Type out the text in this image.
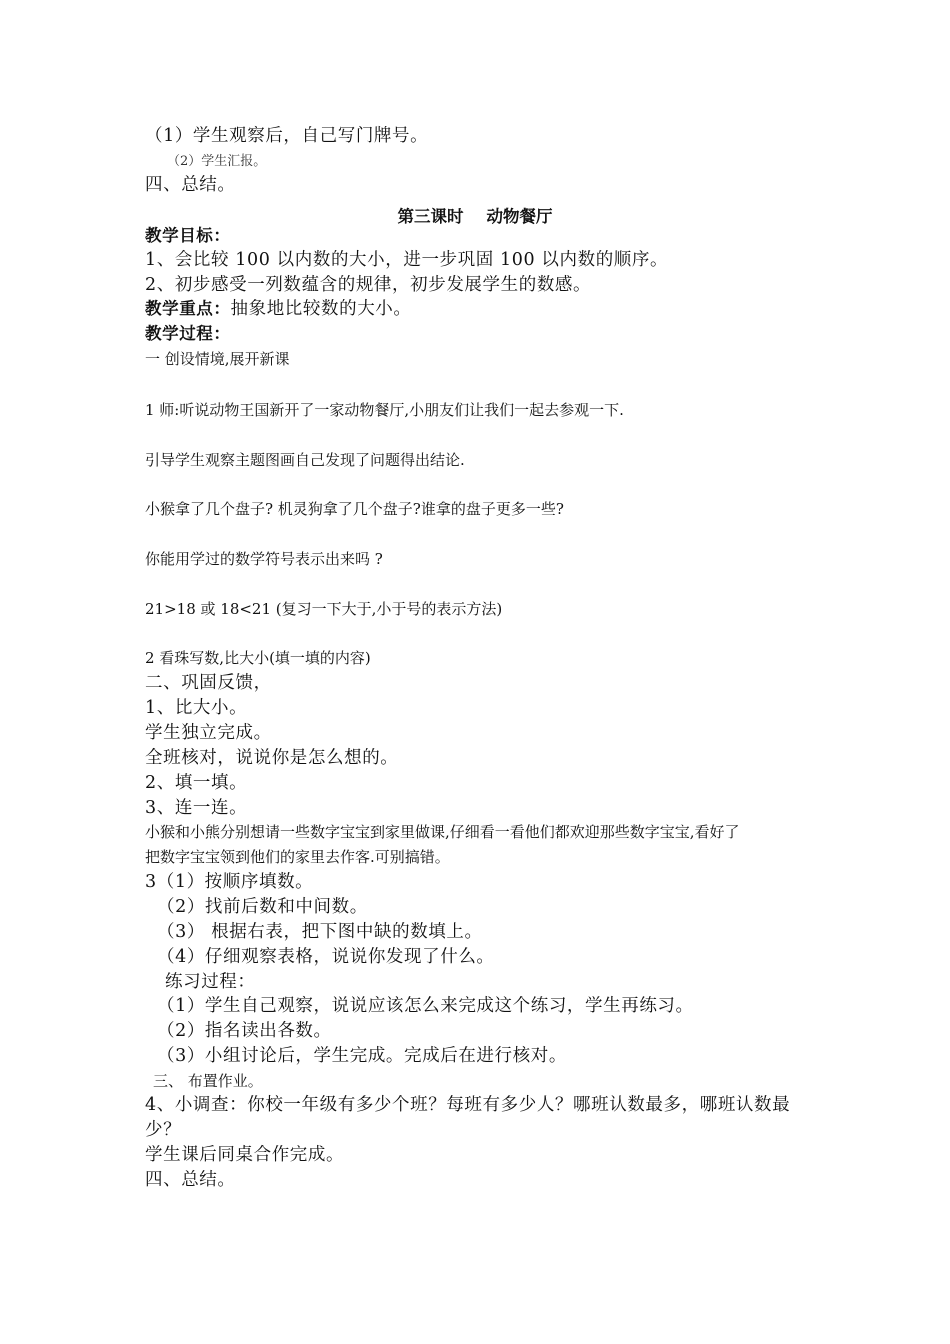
（1）学生观察后，自己写门牌号。
（2）学生汇报。
四、总结。
第三课时    动物餐厅
教学目标：
1、会比较 100 以内数的大小，进一步巩固 100 以内数的顺序。
2、初步感受一列数蕴含的规律，初步发展学生的数感。
教学重点：抽象地比较数的大小。
教学过程：
一 创设情境,展开新课
1 师:听说动物王国新开了一家动物餐厅,小朋友们让我们一起去参观一下.
引导学生观察主题图画自己发现了问题得出结论.
小猴拿了几个盘子? 机灵狗拿了几个盘子?谁拿的盘子更多一些?
你能用学过的数学符号表示出来吗 ?
21>18 或 18<21 (复习一下大于,小于号的表示方法)
2 看珠写数,比大小(填一填的内容)
二、巩固反馈，
1、比大小。
学生独立完成。
全班核对，说说你是怎么想的。
2、填一填。
3、连一连。
小猴和小熊分别想请一些数字宝宝到家里做课,仔细看一看他们都欢迎那些数字宝宝,看好了
把数字宝宝领到他们的家里去作客.可别搞错。
3（1）按顺序填数。
（2）找前后数和中间数。
（3） 根据右表，把下图中缺的数填上。
（4）仔细观察表格，说说你发现了什么。
练习过程：
（1）学生自己观察，说说应该怎么来完成这个练习，学生再练习。
（2）指名读出各数。
（3）小组讨论后，学生完成。完成后在进行核对。
三、 布置作业。
4、小调查：你校一年级有多少个班？每班有多少人？哪班认数最多，哪班认数最
少？
学生课后同桌合作完成。
四、总结。
